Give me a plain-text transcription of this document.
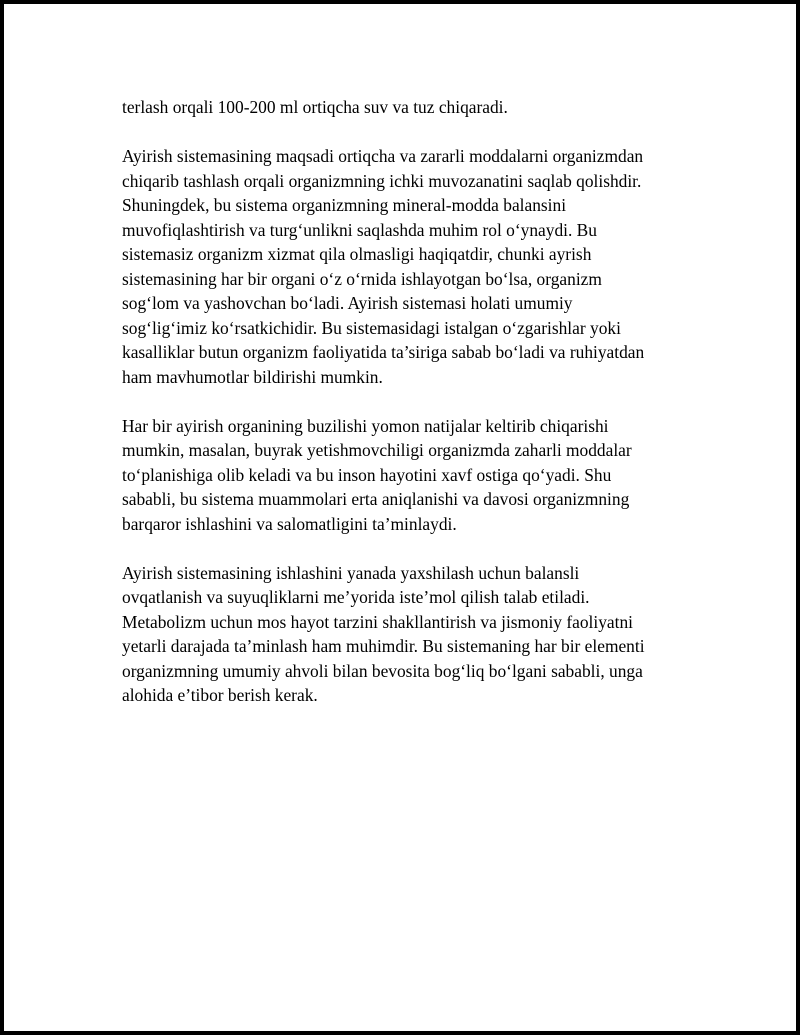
terlash orqali 100-200 ml ortiqcha suv va tuz chiqaradi.

Ayirish sistemasining maqsadi ortiqcha va zararli moddalarni organizmdan
chiqarib tashlash orqali organizmning ichki muvozanatini saqlab qolishdir.
Shuningdek, bu sistema organizmning mineral-modda balansini
muvofiqlashtirish va turg‘unlikni saqlashda muhim rol o‘ynaydi. Bu
sistemasiz organizm xizmat qila olmasligi haqiqatdir, chunki ayrish
sistemasining har bir organi o‘z o‘rnida ishlayotgan bo‘lsa, organizm
sog‘lom va yashovchan bo‘ladi. Ayirish sistemasi holati umumiy
sog‘lig‘imiz ko‘rsatkichidir. Bu sistemasidagi istalgan o‘zgarishlar yoki
kasalliklar butun organizm faoliyatida ta’siriga sabab bo‘ladi va ruhiyatdan
ham mavhumotlar bildirishi mumkin.

Har bir ayirish organining buzilishi yomon natijalar keltirib chiqarishi
mumkin, masalan, buyrak yetishmovchiligi organizmda zaharli moddalar
to‘planishiga olib keladi va bu inson hayotini xavf ostiga qo‘yadi. Shu
sababli, bu sistema muammolari erta aniqlanishi va davosi organizmning
barqaror ishlashini va salomatligini ta’minlaydi.

Ayirish sistemasining ishlashini yanada yaxshilash uchun balansli
ovqatlanish va suyuqliklarni me’yorida iste’mol qilish talab etiladi.
Metabolizm uchun mos hayot tarzini shakllantirish va jismoniy faoliyatni
yetarli darajada ta’minlash ham muhimdir. Bu sistemaning har bir elementi
organizmning umumiy ahvoli bilan bevosita bog‘liq bo‘lgani sababli, unga
alohida e’tibor berish kerak.
